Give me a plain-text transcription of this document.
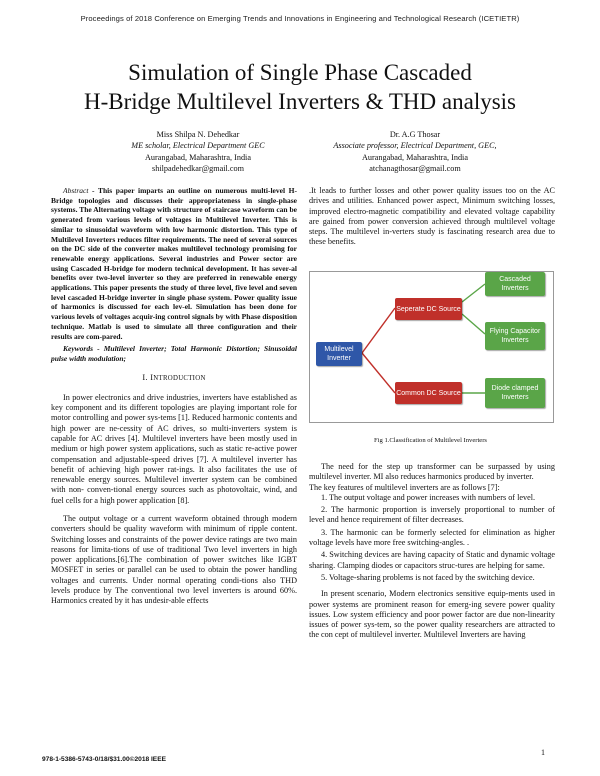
Proceedings of 2018 Conference on Emerging Trends and Innovations in Engineering and Technological Research (ICETIETR)
Simulation of Single Phase Cascaded
H-Bridge Multilevel Inverters & THD analysis
Miss Shilpa N. Dehedkar
ME scholar, Electrical Department GEC
Aurangabad, Maharashtra, India
shilpadehedkar@gmail.com
Dr. A.G Thosar
Associate professor, Electrical Department, GEC,
Aurangabad, Maharashtra, India
atchanagthosar@gmail.com

Abstract - This paper imparts an outline on numerous multi-level H-Bridge topologies and discusses their appropriateness in single-phase systems. The Alternating voltage with structure of staircase waveform can be generated from various levels of voltages in Multilevel Inverter. This is similar to sinusoidal waveform with low harmonic distortion. This type of Multilevel Inverters reduces filter requirements. The need of several sources on the DC side of the converter makes multilevel technology promising for renewable energy applications. Several industries and Power sector are using Cascaded H-bridge for modern technical development. It has sever-al benefits over two-level inverter so they are preferred in renewable energy applications. This paper presents the study of three level, five level and seven level cascaded H-bridge inverter in single phase system. Power quality issue of harmonics is discussed for each lev-el. Simulation has been done for various levels of voltages acquir-ing control signals by with Phase disposition technique. Matlab is used to simulate all three configuration and their results are com-pared.

Keywords - Multilevel Inverter; Total Harmonic Distortion; Sinusoidal pulse width modulation;

I. INTRODUCTION

In power electronics and drive industries, inverters have established as key component and its different topologies are playing important role for motor controlling and power sys-tems [1]. Reduced harmonic contents and high power are ne-cessity of AC drives, so multi-inverters system is capable for AC drives [4]. Multilevel inverters have been mostly used in medium or high power system applications, such as static re-active power compensation and adjustable-speed drives [7]. A multilevel inverter has benefit of achieving high power rat-ings. It also facilitates the use of renewable energy sources. Multilevel inverter system can be combined with non- conven-tional energy sources such as photovoltaic, wind, and fuel cells for a high power application [8].

The output voltage or a current waveform obtained through modern converters should be quality waveform with minimum of ripple content. Switching losses and constraints of the power device ratings are two main reasons for limita-tions of use of traditional Two level inverters in high power applications.[6].The combination of power switches like IGBT MOSFET in series or parallel can be used to obtain the power handling voltages and currents. Under normal operating condi-tions also THD levels produce by The conventional two level inverters is around 60%. Harmonics created by it has undesir-able effects

.It leads to further losses and other power quality issues too on the AC drives and utilities. Enhanced power aspect, Minimum switching losses, improved electro-magnetic compatibility and elevated voltage capability are gained from power conversion achieved through multilevel voltage steps. The multilevel in-verters study is fascinating research area due to these benefits.

Multilevel Inverter
Seperate DC Source
Common DC Source
Cascaded Inverters
Flying Capacitor Inverters
Diode clamped Inverters
Fig 1.Classification of Multilevel Inverters

The need for the step up transformer can be surpassed by using multilevel inverter. MI also reduces harmonics produced by inverter.

The key features of multilevel inverters are as follows [7]:

1. The output voltage and power increases with numbers of level.

2. The harmonic proportion is inversely proportional to number of level and hence requirement of filter decreases.

3. The harmonic can be formerly selected for elimination as higher voltage levels have more free switching-angles. .

4. Switching devices are having capacity of Static and dynamic voltage sharing. Clamping diodes or capacitors struc-tures are helping for same.

5. Voltage-sharing problems is not faced by the switching device.

In present scenario, Modern electronics sensitive equip-ments used in power systems are prominent reason for emerg-ing severe power quality issues. Low system efficiency and poor power factor are due non-linearity issues of power sys-tem, so the power quality researchers are attracted to the con cept of multilevel inverter. Multilevel Inverters are having

1
978-1-5386-5743-0/18/$31.00©2018 IEEE
